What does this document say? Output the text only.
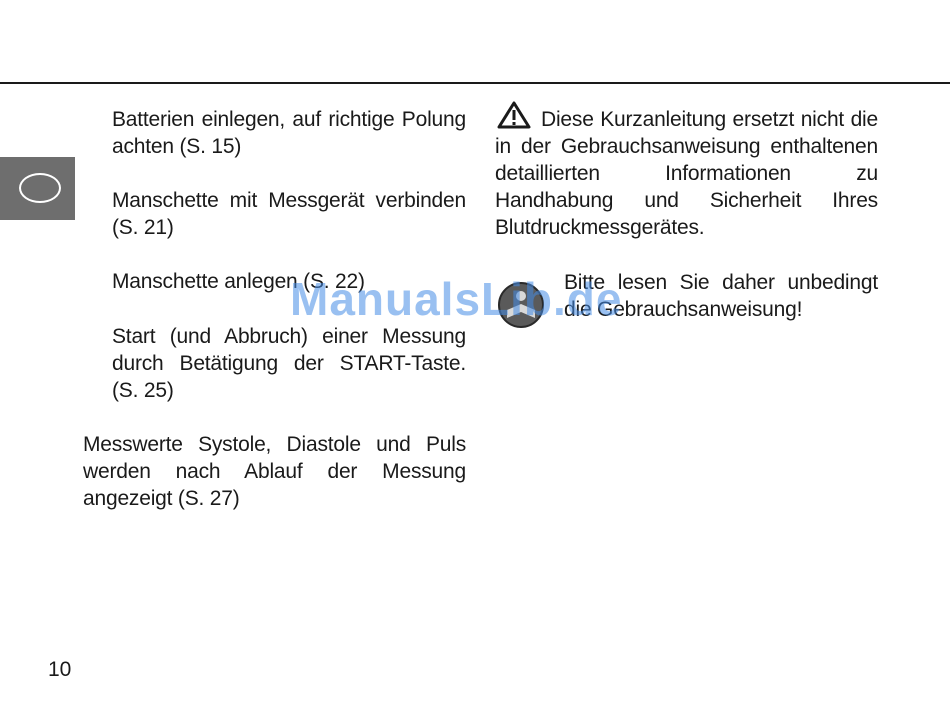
Batterien einlegen, auf richtige Polung achten (S. 15)
Manschette mit Messgerät verbinden (S. 21)
Manschette anlegen (S. 22)
Start (und Abbruch) einer Messung durch Betätigung der START-Taste. (S. 25)
Messwerte Systole, Diastole und Puls werden nach Ablauf der Messung angezeigt (S. 27)
Diese Kurzanleitung ersetzt nicht die in der Gebrauchsanweisung enthaltenen detaillierten Informationen zu Handhabung und Sicherheit Ihres Blutdruckmessgerätes.
Bitte lesen Sie daher unbedingt die Gebrauchsanweisung!
ManualsLib.de
10
